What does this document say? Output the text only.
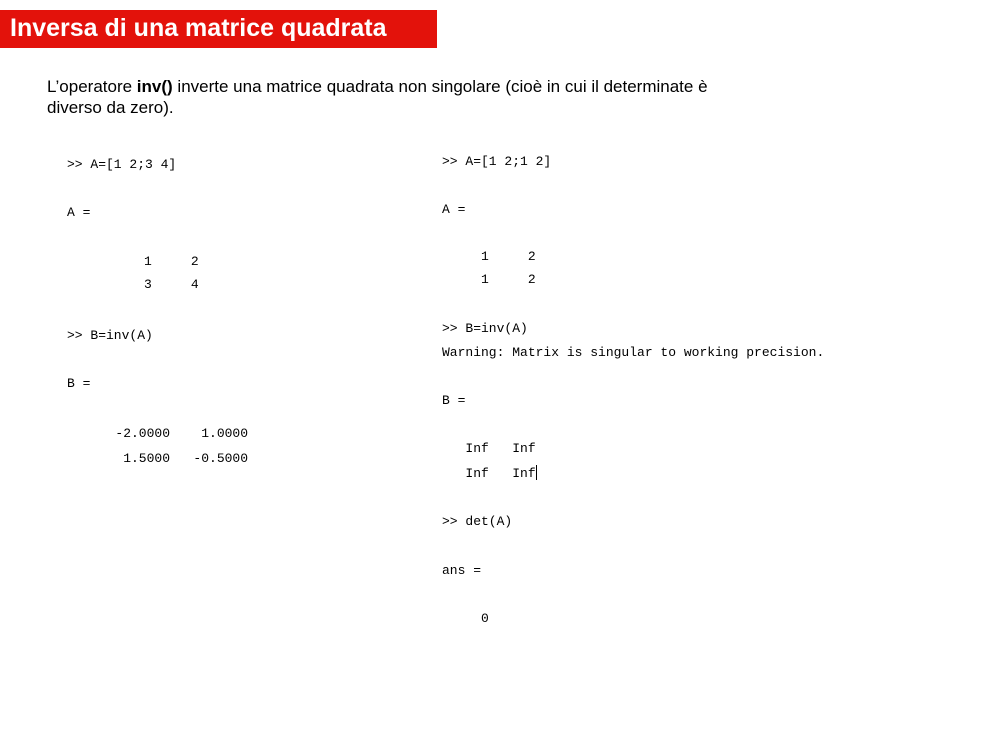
Inversa di una matrice quadrata
L’operatore inv() inverte una matrice quadrata non singolare (cioè in cui il determinate è
diverso da zero).

>> A=[1 2;3 4]

A =

1     2

3     4

>> B=inv(A)

B =

-2.0000    1.0000

1.5000   -0.5000

>> A=[1 2;1 2]

A =

1     2

1     2

>> B=inv(A)

Warning: Matrix is singular to working precision.

B =

Inf   Inf

Inf   Inf

>> det(A)

ans =

0
